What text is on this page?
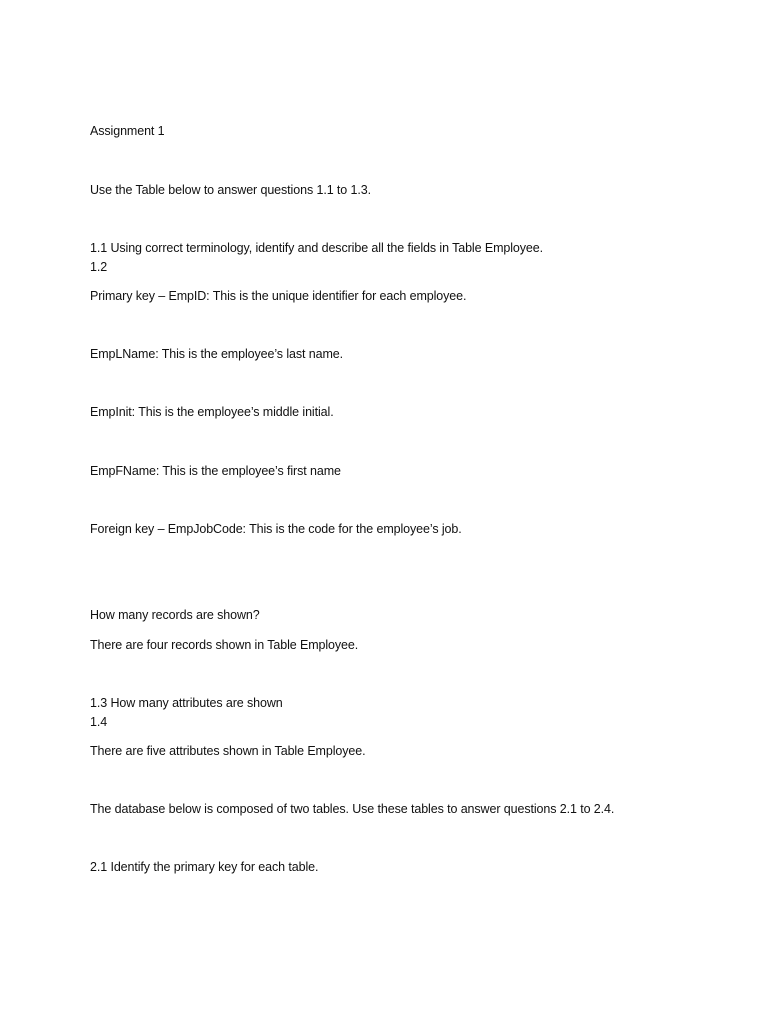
Assignment 1
Use the Table below to answer questions 1.1 to 1.3.
1.1 Using correct terminology, identify and describe all the fields in Table Employee.
1.2
Primary key – EmpID: This is the unique identifier for each employee.
EmpLName: This is the employee’s last name.
EmpInit: This is the employee’s middle initial.
EmpFName: This is the employee’s first name
Foreign key – EmpJobCode: This is the code for the employee’s job.
How many records are shown?
There are four records shown in Table Employee.
1.3 How many attributes are shown
1.4
There are five attributes shown in Table Employee.
The database below is composed of two tables. Use these tables to answer questions 2.1 to 2.4.
2.1 Identify the primary key for each table.
